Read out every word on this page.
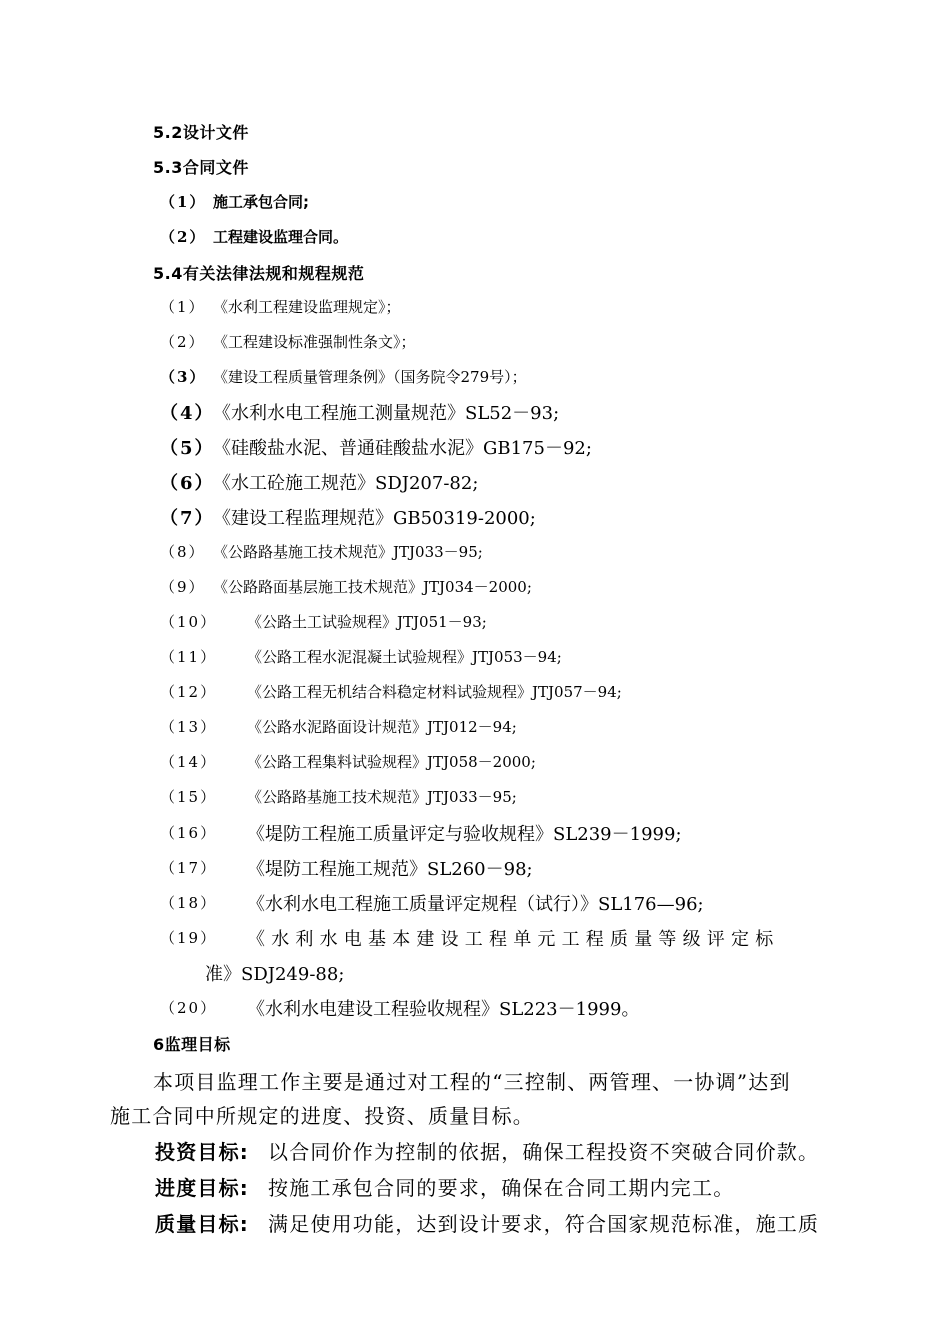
5.2设计文件
5.3合同文件
（1） 施工承包合同;
（2） 工程建设监理合同。
5.4有关法律法规和规程规范
（1） 《水利工程建设监理规定》；
（2） 《工程建设标准强制性条文》；
（3） 《建设工程质量管理条例》（国务院令279号）；
（4）
《水利水电工程施工测量规范》SL52－93;
（5）
《硅酸盐水泥、普通硅酸盐水泥》GB175－92;
（6）
《水工砼施工规范》SDJ207-82;
（7）
《建设工程监理规范》GB50319-2000;
（8） 《公路路基施工技术规范》JTJ033－95;
（9） 《公路路面基层施工技术规范》JTJ034－2000;
（10） 《公路土工试验规程》JTJ051－93;
（11） 《公路工程水泥混凝土试验规程》JTJ053－94;
（12） 《公路工程无机结合料稳定材料试验规程》JTJ057－94;
（13） 《公路水泥路面设计规范》JTJ012－94;
（14） 《公路工程集料试验规程》JTJ058－2000;
（15） 《公路路基施工技术规范》JTJ033－95;
（16） 《堤防工程施工质量评定与验收规程》SL239－1999;
（17） 《堤防工程施工规范》SL260－98;
（18） 《水利水电工程施工质量评定规程（试行）》SL176—96;
（19） 《水利水电基本建设工程单元工程质量等级评定标
准》SDJ249-88;
（20） 《水利水电建设工程验收规程》SL223－1999。
6监理目标
本项目监理工作主要是通过对工程的“三控制、两管理、一协调”达到
施工合同中所规定的进度、投资、质量目标。
投资目标: 以合同价作为控制的依据，确保工程投资不突破合同价款。
进度目标: 按施工承包合同的要求，确保在合同工期内完工。
质量目标: 满足使用功能，达到设计要求，符合国家规范标准，施工质
